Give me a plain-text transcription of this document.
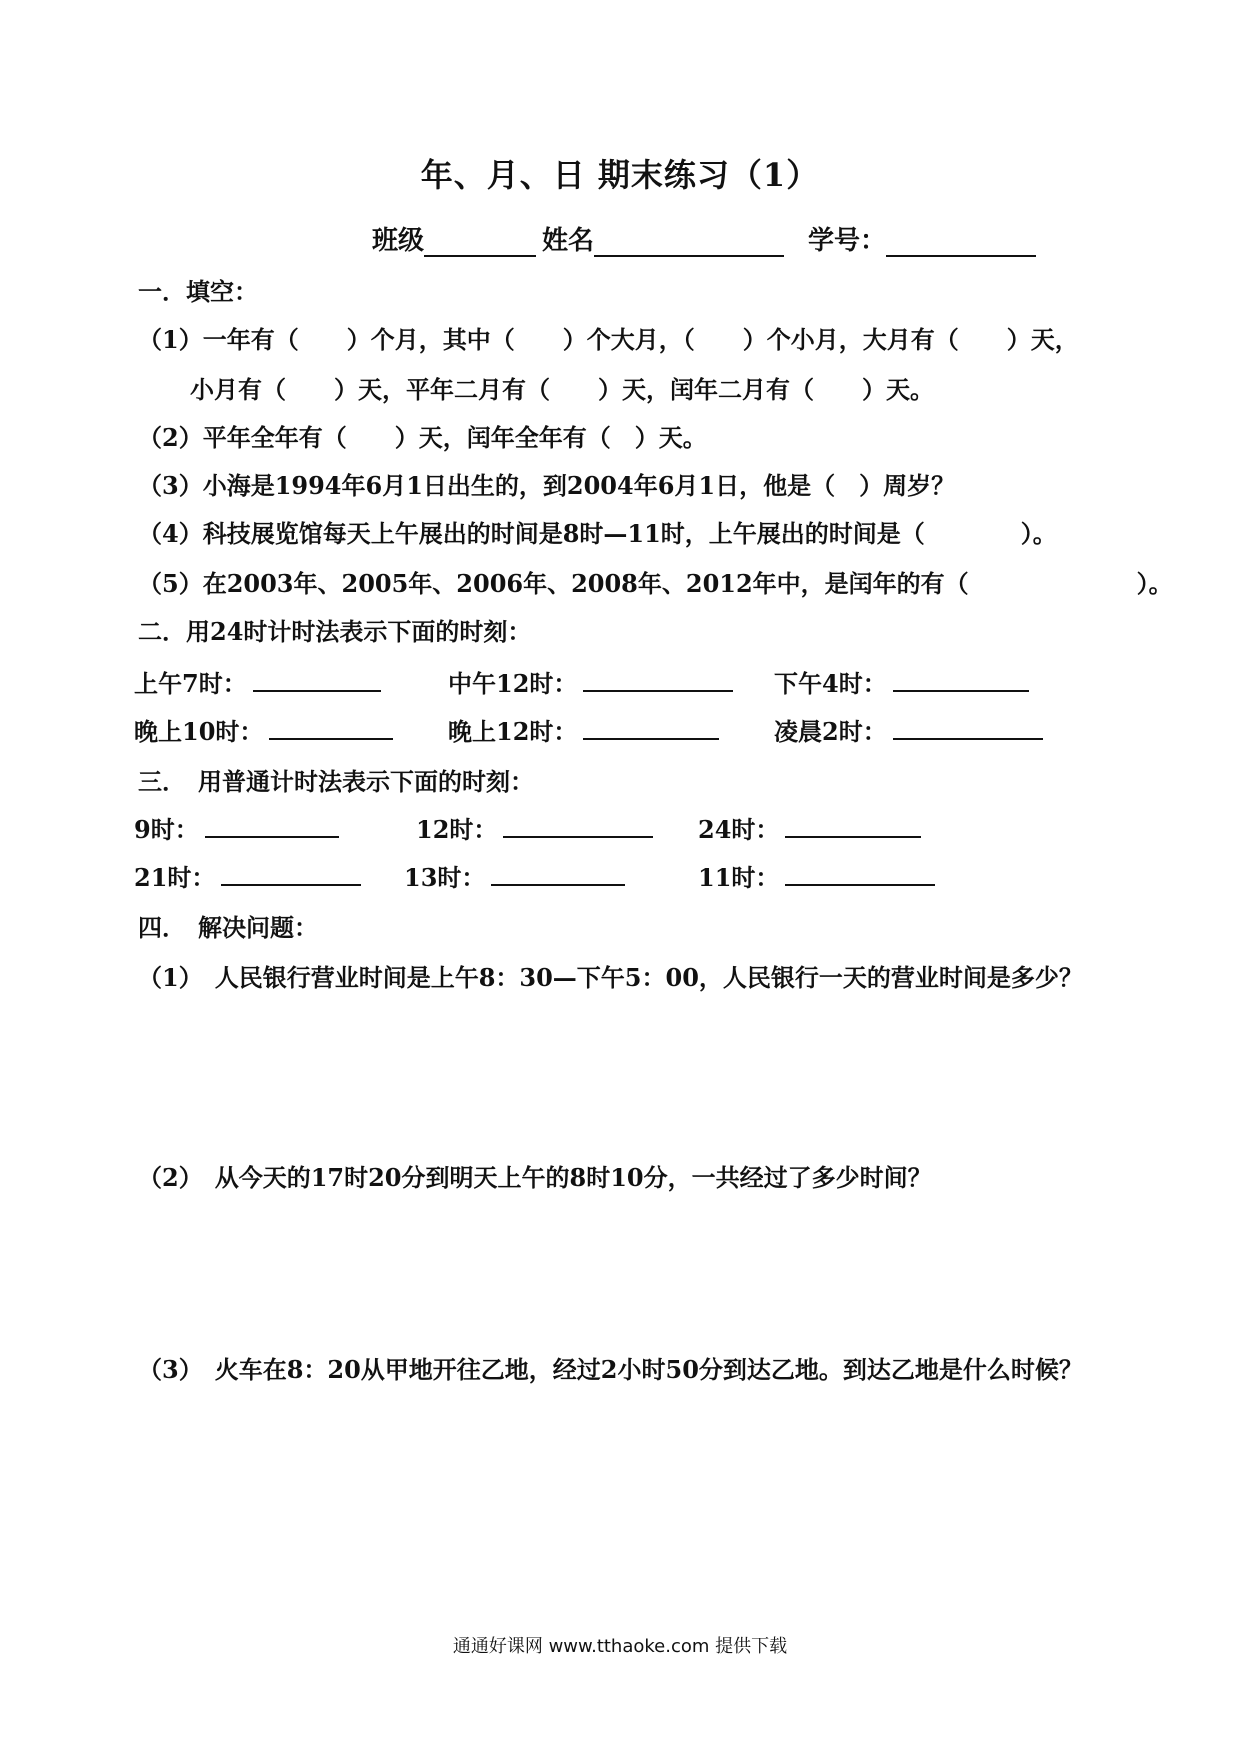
年、月、日 期末练习（1）
班级	姓名	学号：
一．填空：
（1）一年有（　　）个月，其中（　　）个大月，（　　）个小月，大月有（　　）天，
小月有（　　）天，平年二月有（　　）天，闰年二月有（　　）天。
（2）平年全年有（　　）天，闰年全年有（　）天。
（3）小海是1994年6月1日出生的，到2004年6月1日，他是（　）周岁？
（4）科技展览馆每天上午展出的时间是8时—11时，上午展出的时间是（　　　　）。
（5）在2003年、2005年、2006年、2008年、2012年中，是闰年的有（　　　　　　　）。
二．用24时计时法表示下面的时刻：
上午7时：	中午12时：	下午4时：
晚上10时：	晚上12时：	凌晨2时：
三．　用普通计时法表示下面的时刻：
9时：	12时：	24时：
21时：	13时：	11时：
四．　解决问题：
（1）　人民银行营业时间是上午8：30—下午5：00，人民银行一天的营业时间是多少？
（2）　从今天的17时20分到明天上午的8时10分，一共经过了多少时间？
（3）　火车在8：20从甲地开往乙地，经过2小时50分到达乙地。到达乙地是什么时候？
通通好课网 www.tthaoke.com 提供下载
